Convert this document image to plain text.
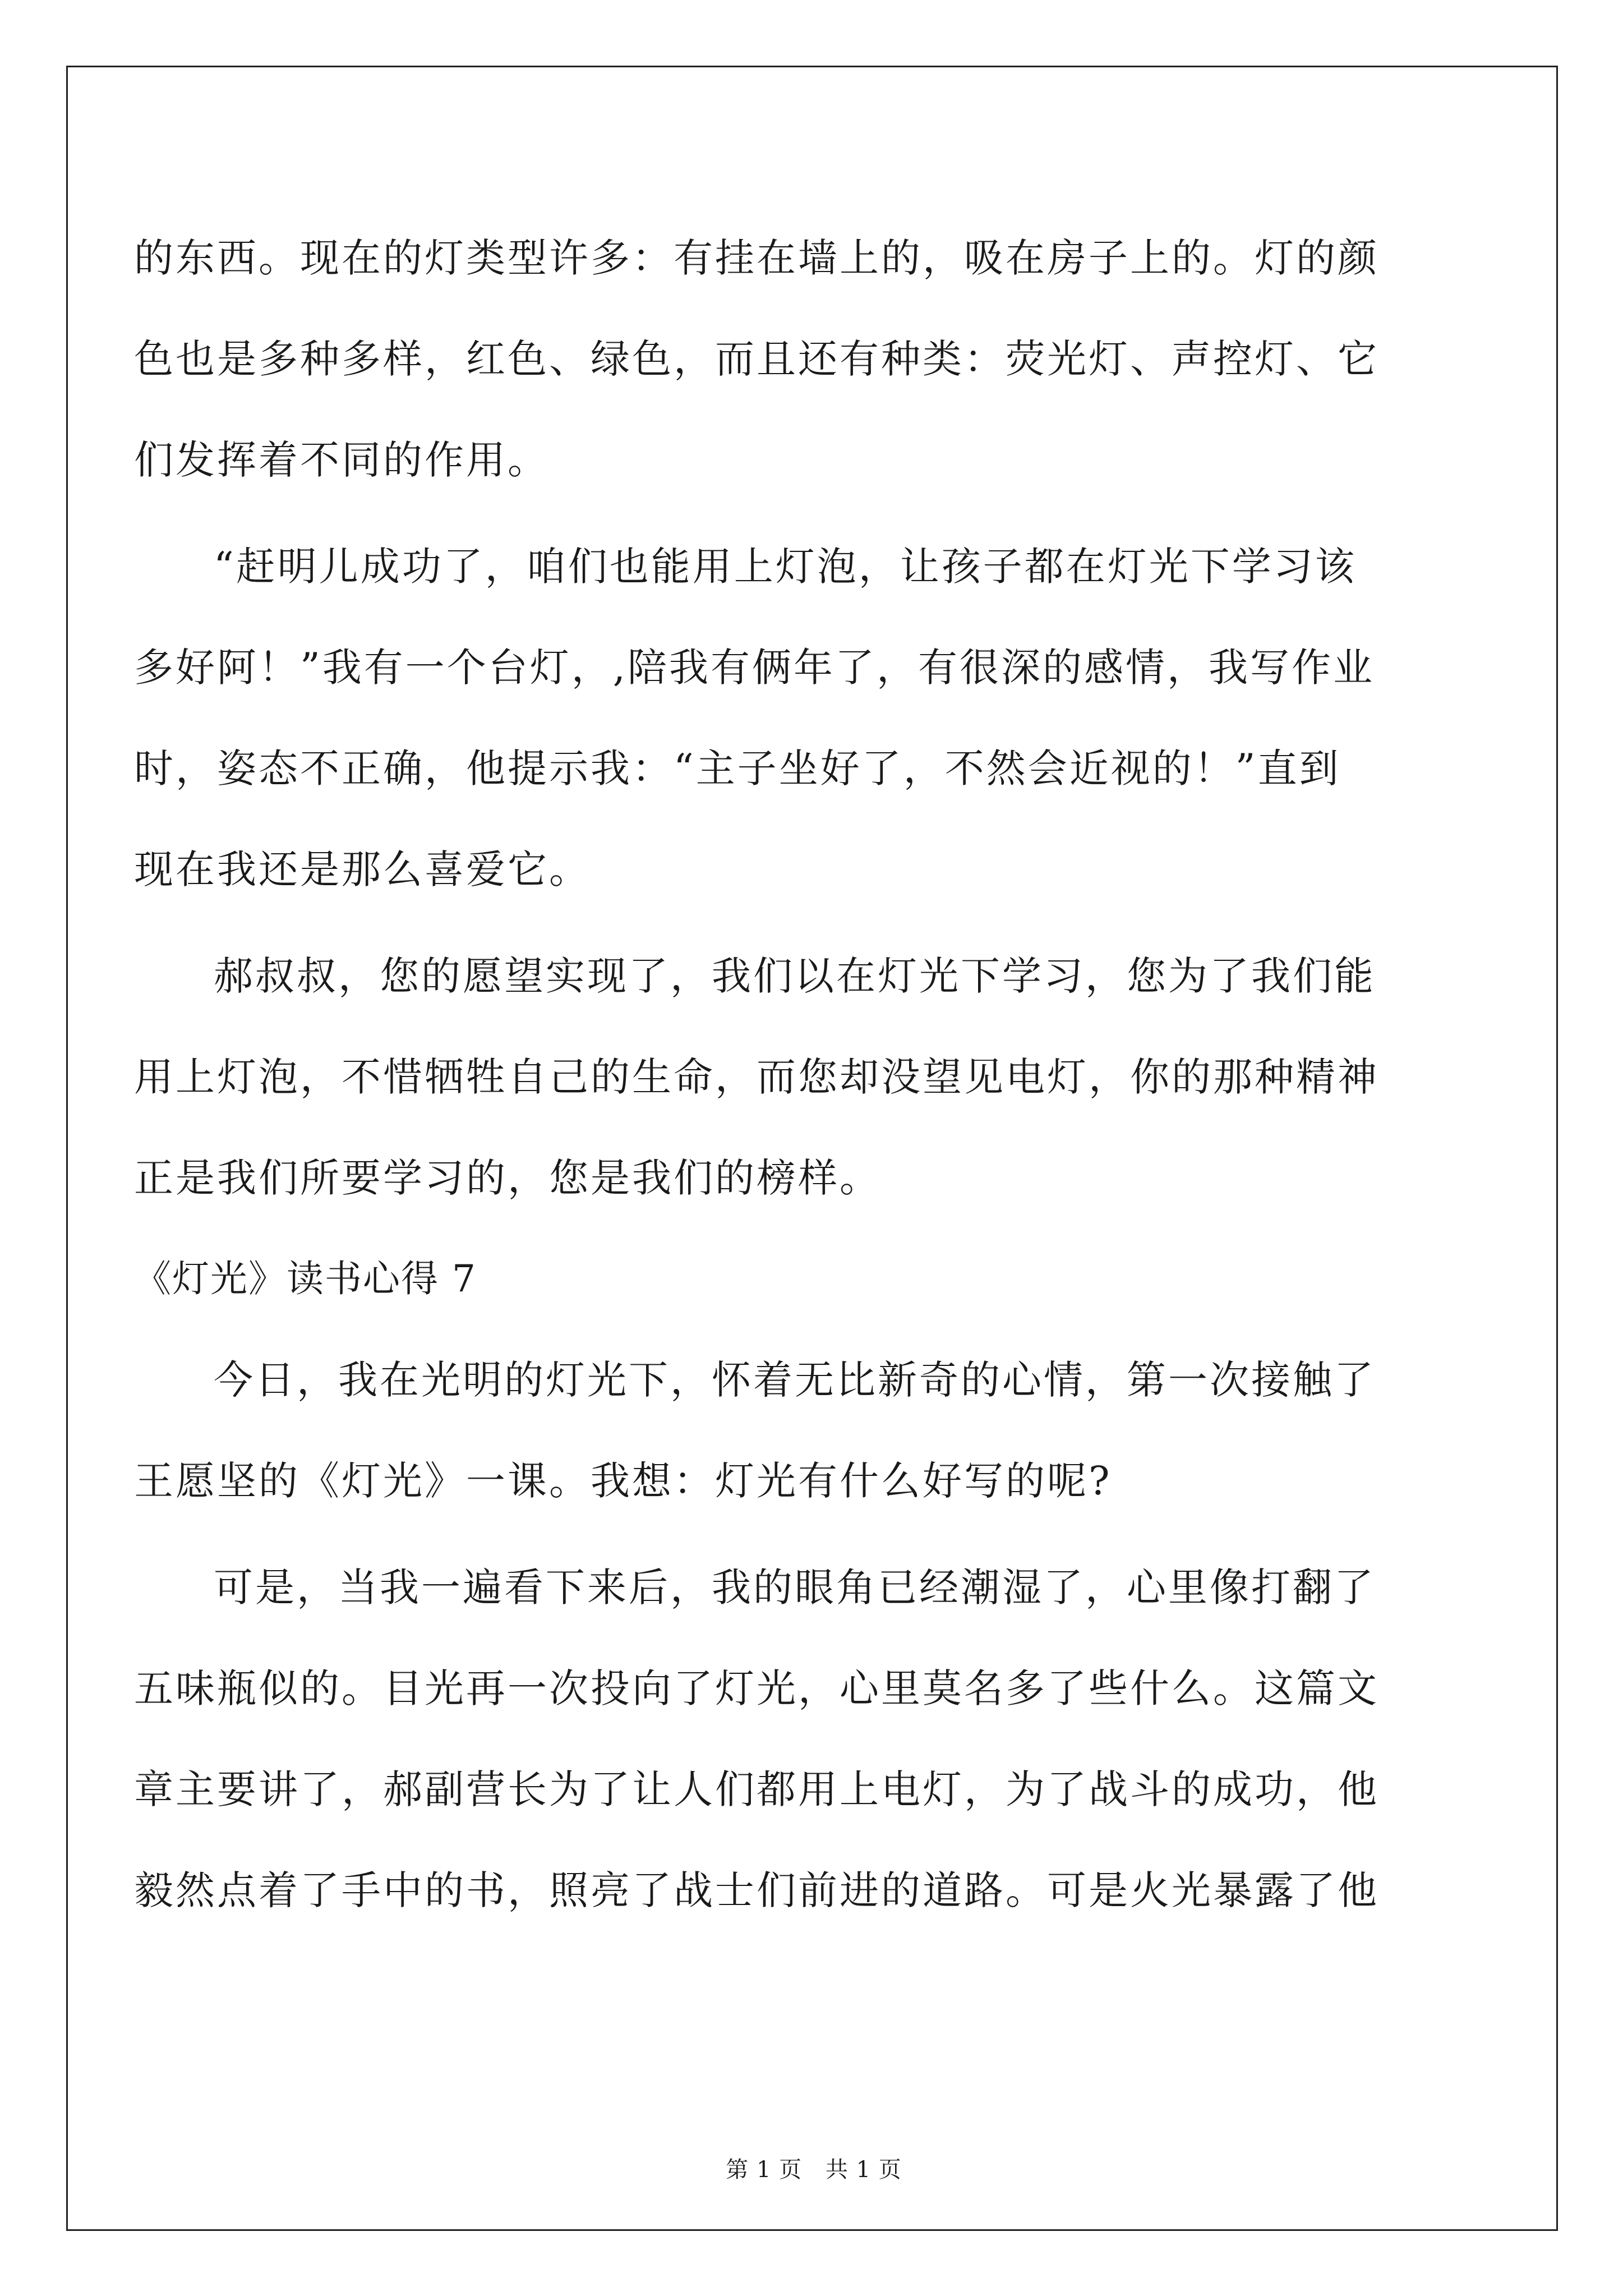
的东西。现在的灯类型许多：有挂在墙上的，吸在房子上的。灯的颜
色也是多种多样，红色、绿色，而且还有种类：荧光灯、声控灯、它
们发挥着不同的作用。
“赶明儿成功了，咱们也能用上灯泡，让孩子都在灯光下学习该
多好阿！”我有一个台灯，,陪我有俩年了，有很深的感情，我写作业
时，姿态不正确，他提示我：“主子坐好了，不然会近视的！”直到
现在我还是那么喜爱它。
郝叔叔，您的愿望实现了，我们以在灯光下学习，您为了我们能
用上灯泡，不惜牺牲自己的生命，而您却没望见电灯，你的那种精神
正是我们所要学习的，您是我们的榜样。
《灯光》读书心得 7
今日，我在光明的灯光下，怀着无比新奇的心情，第一次接触了
王愿坚的《灯光》一课。我想：灯光有什么好写的呢?
可是，当我一遍看下来后，我的眼角已经潮湿了，心里像打翻了
五味瓶似的。目光再一次投向了灯光，心里莫名多了些什么。这篇文
章主要讲了，郝副营长为了让人们都用上电灯，为了战斗的成功，他
毅然点着了手中的书，照亮了战士们前进的道路。可是火光暴露了他
第 1 页 共 1 页
